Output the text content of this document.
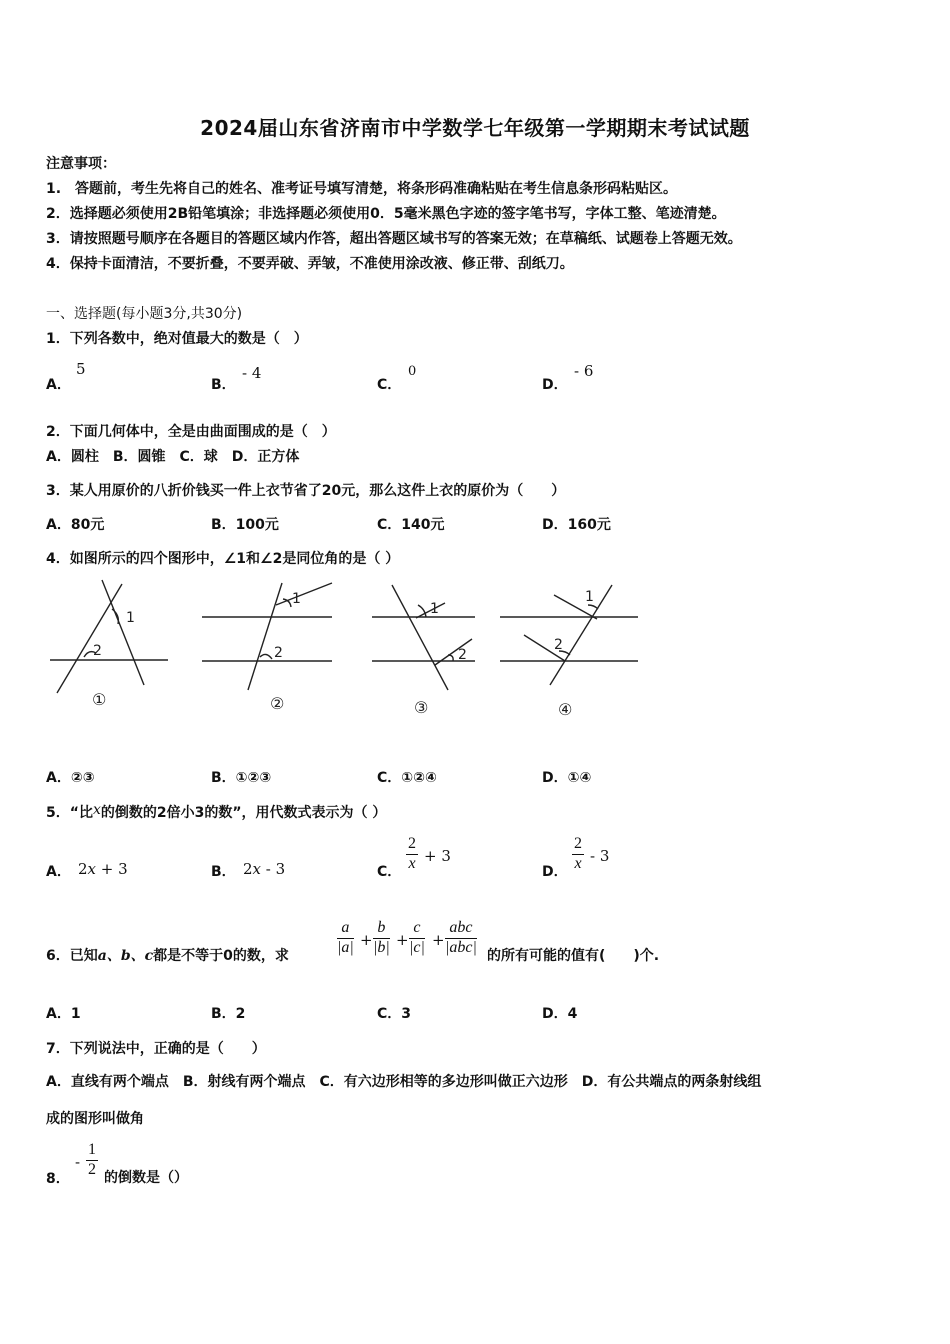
2024届山东省济南市中学数学七年级第一学期期末考试试题
注意事项：
1.　答题前，考生先将自己的姓名、准考证号填写清楚，将条形码准确粘贴在考生信息条形码粘贴区。
2．选择题必须使用2B铅笔填涂；非选择题必须使用0．5毫米黑色字迹的签字笔书写，字体工整、笔迹清楚。
3．请按照题号顺序在各题目的答题区域内作答，超出答题区域书写的答案无效；在草稿纸、试题卷上答题无效。
4．保持卡面清洁，不要折叠，不要弄破、弄皱，不准使用涂改液、修正带、刮纸刀。
一、选择题(每小题3分,共30分)
1．下列各数中，绝对值最大的数是（　）
A．
5
B．
- 4
C．
0
D．
- 6
2．下面几何体中，全是由曲面围成的是（　）
A．圆柱　B．圆锥　C．球　D．正方体
3．某人用原价的八折价钱买一件上衣节省了20元，那么这件上衣的原价为（　　）
A．80元	B．100元	C．140元	D．160元
4．如图所示的四个图形中，∠1和∠2是同位角的是（ ）
1
2
1
2
1
2
1
2
①	②	③	④
A．②③	B．①②③	C．①②④	D．①④
5．“比x的倒数的2倍小3的数”，用代数式表示为（ ）
A． 2x + 3	B． 2x - 3	C． $\frac{2}{x} + 3$
D． $\frac{2}{x} - 3$
6．已知a、b、c都是不等于0的数，求	$\frac{a}{|a|} + \frac{b}{|b|} + \frac{c}{|c|}$ +
abc
|abc| 的所有可能的值有(　　)个.
A．1	B．2	C．3	D．4
7．下列说法中，正确的是（　　）
A．直线有两个端点　B．射线有两个端点　C．有六边形相等的多边形叫做正六边形　D．有公共端点的两条射线组
成的图形叫做角
8．
- $\frac{1}{2}$ 的倒数是（）
